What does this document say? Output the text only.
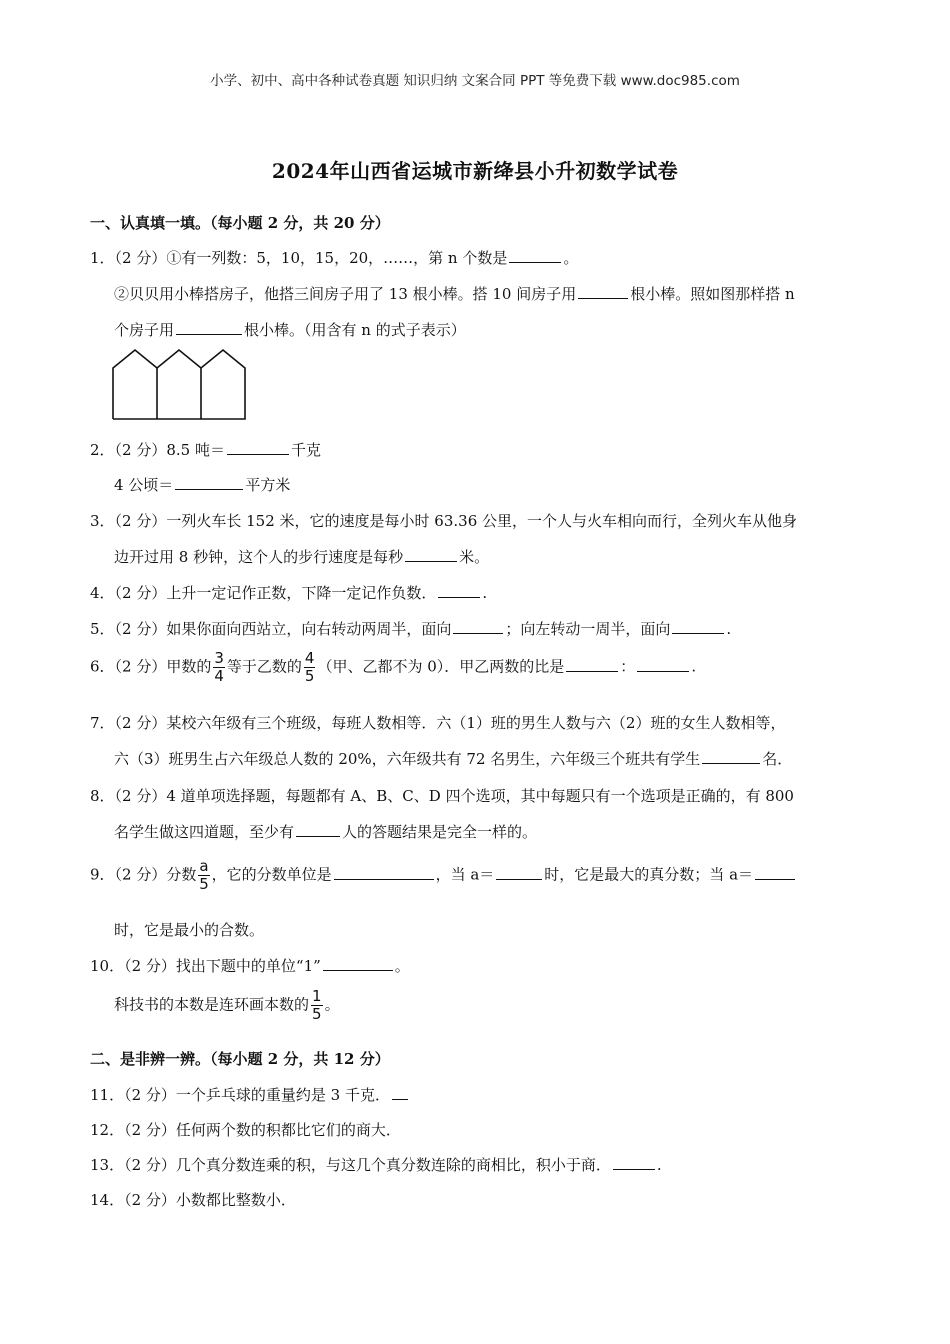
小学、初中、高中各种试卷真题 知识归纳 文案合同 PPT 等免费下载 www.doc985.com
2024年山西省运城市新绛县小升初数学试卷
一、认真填一填。（每小题 2 分，共 20 分）
1．（2 分）①有一列数：5，10，15，20，……，第 n 个数是	。
②贝贝用小棒搭房子，他搭三间房子用了 13 根小棒。搭 10 间房子用	根小棒。照如图那样搭 n
个房子用	根小棒。（用含有 n 的式子表示）
2．（2 分）8.5 吨＝	千克
4 公顷＝	平方米
3．（2 分）一列火车长 152 米，它的速度是每小时 63.36 公里，一个人与火车相向而行，全列火车从他身
边开过用 8 秒钟，这个人的步行速度是每秒	米。
4．（2 分）上升一定记作正数，下降一定记作负数．	.
5．（2 分）如果你面向西站立，向右转动两周半，面向	；向左转动一周半，面向	.
6．（2 分）甲数的 $\frac{3}{4}$ 等于乙数的 $\frac{4}{5}$ （甲、乙都不为 0）．甲乙两数的比是	：	.
7．（2 分）某校六年级有三个班级，每班人数相等．六（1）班的男生人数与六（2）班的女生人数相等，
六（3）班男生占六年级总人数的 20%，六年级共有 72 名男生，六年级三个班共有学生	名．
8．（2 分）4 道单项选择题，每题都有 A、B、C、D 四个选项，其中每题只有一个选项是正确的，有 800
名学生做这四道题，至少有	人的答题结果是完全一样的。
9．（2 分）分数 $\frac{a}{5}$ ，它的分数单位是	，当 a＝	时，它是最大的真分数；当 a＝
时，它是最小的合数。
10．（2 分）找出下题中的单位“1”	。
科技书的本数是连环画本数的 $\frac{1}{5}$ 。
二、是非辨一辨。（每小题 2 分，共 12 分）
11．（2 分）一个乒乓球的重量约是 3 千克．
12．（2 分）任何两个数的积都比它们的商大．
13．（2 分）几个真分数连乘的积，与这几个真分数连除的商相比，积小于商．	.
14．（2 分）小数都比整数小．
